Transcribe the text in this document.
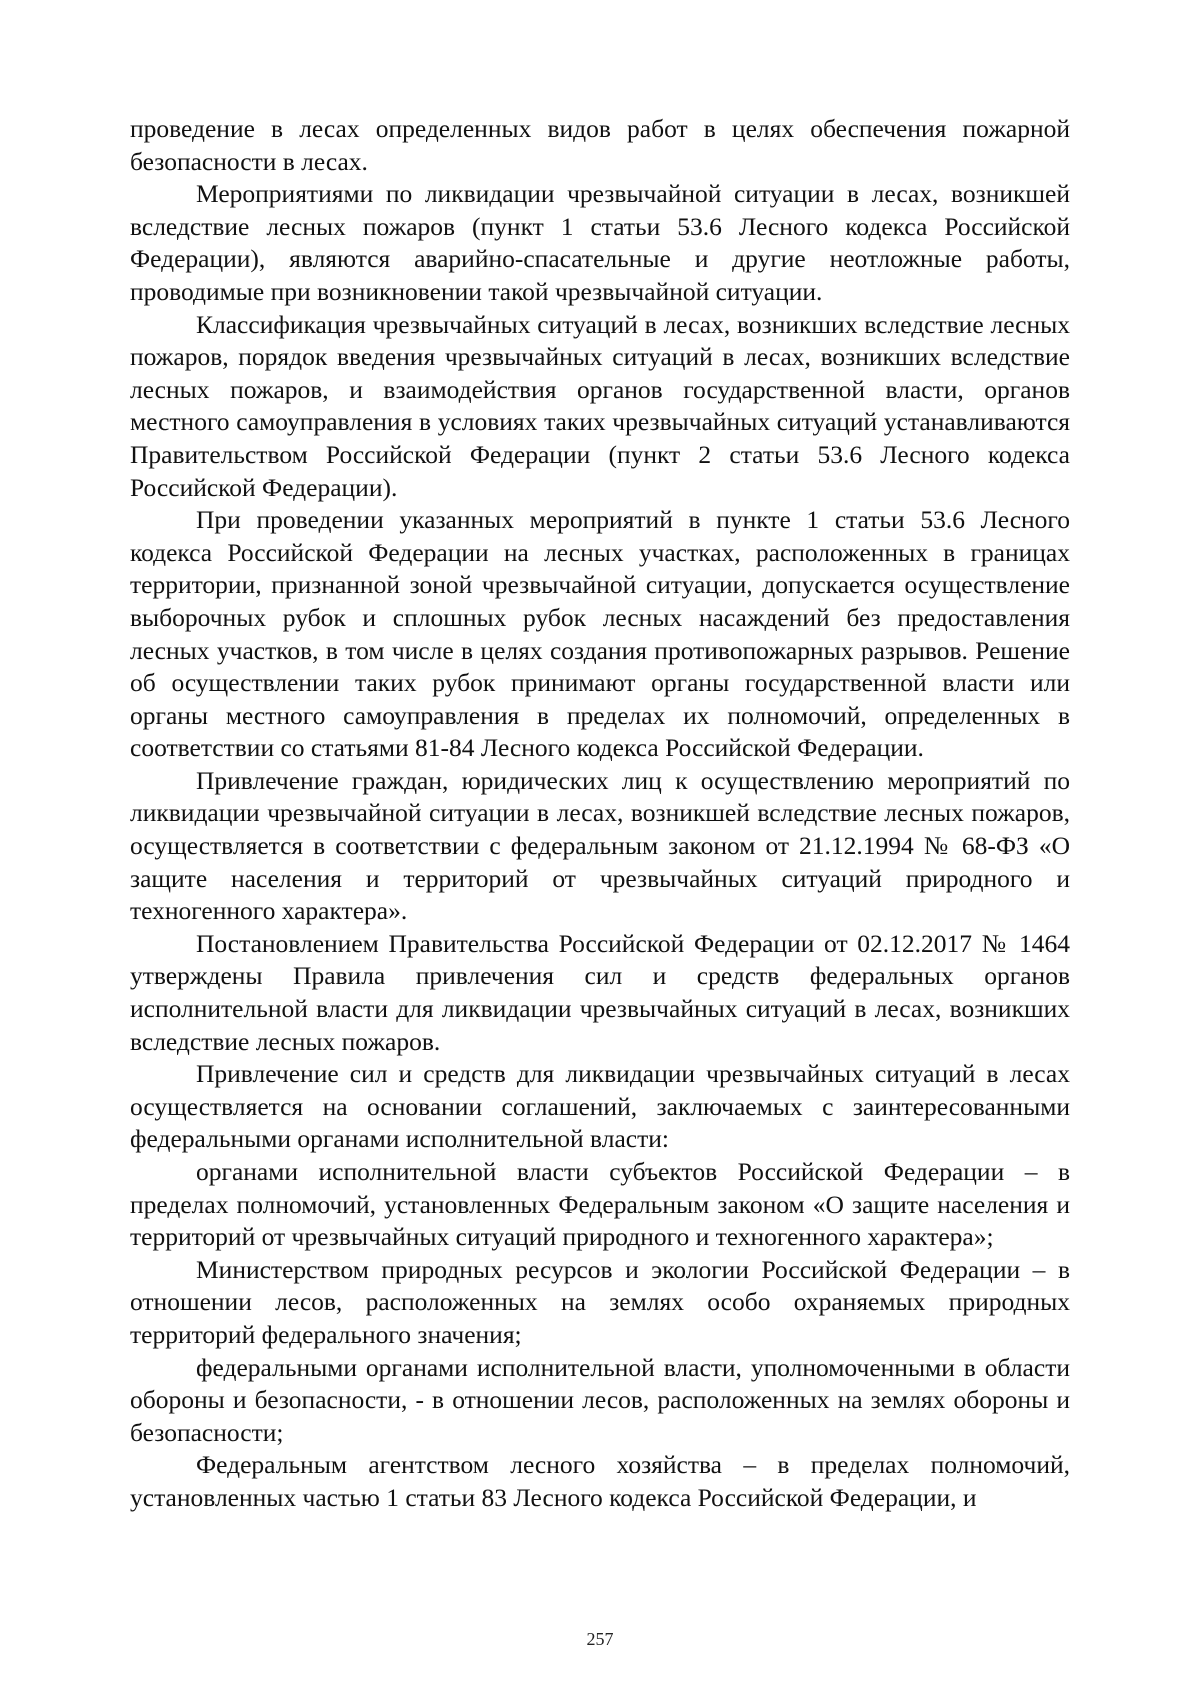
проведение в лесах определенных видов работ в целях обеспечения пожарной безопасности в лесах.

Мероприятиями по ликвидации чрезвычайной ситуации в лесах, возникшей вследствие лесных пожаров (пункт 1 статьи 53.6 Лесного кодекса Российской Федерации), являются аварийно-спасательные и другие неотложные работы, проводимые при возникновении такой чрезвычайной ситуации.

Классификация чрезвычайных ситуаций в лесах, возникших вследствие лесных пожаров, порядок введения чрезвычайных ситуаций в лесах, возникших вследствие лесных пожаров, и взаимодействия органов государственной власти, органов местного самоуправления в условиях таких чрезвычайных ситуаций устанавливаются Правительством Российской Федерации (пункт 2 статьи 53.6 Лесного кодекса Российской Федерации).

При проведении указанных мероприятий в пункте 1 статьи 53.6 Лесного кодекса Российской Федерации на лесных участках, расположенных в границах территории, признанной зоной чрезвычайной ситуации, допускается осуществление выборочных рубок и сплошных рубок лесных насаждений без предоставления лесных участков, в том числе в целях создания противопожарных разрывов. Решение об осуществлении таких рубок принимают органы государственной власти или органы местного самоуправления в пределах их полномочий, определенных в соответствии со статьями 81-84 Лесного кодекса Российской Федерации.

Привлечение граждан, юридических лиц к осуществлению мероприятий по ликвидации чрезвычайной ситуации в лесах, возникшей вследствие лесных пожаров, осуществляется в соответствии с федеральным законом от 21.12.1994 № 68-ФЗ «О защите населения и территорий от чрезвычайных ситуаций природного и техногенного характера».

Постановлением Правительства Российской Федерации от 02.12.2017 № 1464 утверждены Правила привлечения сил и средств федеральных органов исполнительной власти для ликвидации чрезвычайных ситуаций в лесах, возникших вследствие лесных пожаров.

Привлечение сил и средств для ликвидации чрезвычайных ситуаций в лесах осуществляется на основании соглашений, заключаемых с заинтересованными федеральными органами исполнительной власти:

органами исполнительной власти субъектов Российской Федерации – в пределах полномочий, установленных Федеральным законом «О защите населения и территорий от чрезвычайных ситуаций природного и техногенного характера»;

Министерством природных ресурсов и экологии Российской Федерации – в отношении лесов, расположенных на землях особо охраняемых природных территорий федерального значения;

федеральными органами исполнительной власти, уполномоченными в области обороны и безопасности, - в отношении лесов, расположенных на землях обороны и безопасности;

Федеральным агентством лесного хозяйства – в пределах полномочий, установленных частью 1 статьи 83 Лесного кодекса Российской Федерации, и

257
